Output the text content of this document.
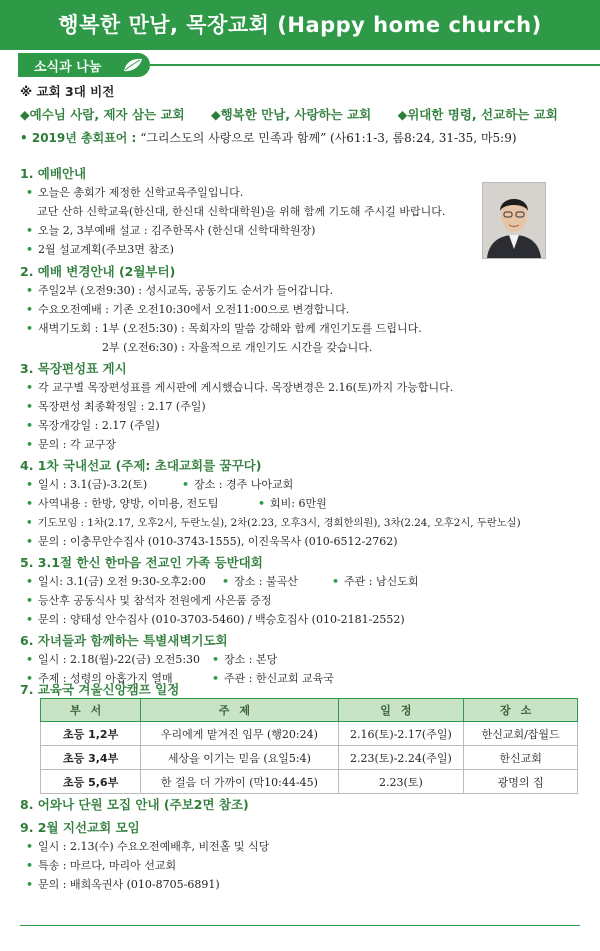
행복한 만남, 목장교회 (Happy home church)
소식과 나눔
※ 교회 3대 비전
◆예수님 사람, 제자 삼는 교회 ◆행복한 만남, 사랑하는 교회 ◆위대한 명령, 선교하는 교회
• 2019년 총회표어 : “그리스도의 사랑으로 민족과 함께” (사61:1-3, 롬8:24, 31-35, 마5:9)
1. 예배안내
• 오늘은 총회가 제정한 신학교육주일입니다.
교단 산하 신학교육(한신대, 한신대 신학대학원)을 위해 함께 기도해 주시길 바랍니다.
• 오늘 2, 3부예배 설교 : 김주한목사 (한신대 신학대학원장)
• 2월 설교계획(주보3면 참조)
2. 예배 변경안내 (2월부터)
• 주일2부 (오전9:30) : 성시교독, 공동기도 순서가 들어갑니다.
• 수요오전예배 : 기존 오전10:30에서 오전11:00으로 변경합니다.
• 새벽기도회 : 1부 (오전5:30) : 목회자의 말씀 강해와 함께 개인기도를 드립니다.
2부 (오전6:30) : 자율적으로 개인기도 시간을 갖습니다.
3. 목장편성표 게시
• 각 교구별 목장편성표를 게시판에 게시했습니다. 목장변경은 2.16(토)까지 가능합니다.
• 목장편성 최종확정일 : 2.17 (주일)
• 목장개강일 : 2.17 (주일)
• 문의 : 각 교구장
4. 1차 국내선교 (주제: 초대교회를 꿈꾸다)
• 일시 : 3.1(금)-3.2(토)	• 장소 : 경주 나아교회
• 사역내용 : 한방, 양방, 이미용, 전도팀	• 회비: 6만원
• 기도모임 : 1차(2.17, 오후2시, 두란노실), 2차(2.23, 오후3시, 경희한의원), 3차(2.24, 오후2시, 두란노실)
• 문의 : 이충무안수집사 (010-3743-1555), 이진욱목사 (010-6512-2762)
5. 3.1절 한신 한마음 전교인 가족 등반대회
• 일시: 3.1(금) 오전 9:30-오후2:00 • 장소 : 불곡산	• 주관 : 남신도회
• 등산후 공동식사 및 참석자 전원에게 사은품 증정
• 문의 : 양태성 안수집사 (010-3703-5460) / 백승호집사 (010-2181-2552)
6. 자녀들과 함께하는 특별새벽기도회
• 일시 : 2.18(월)-22(금) 오전5:30 • 장소 : 본당
• 주제 : 성령의 아홉가지 열매	• 주관 : 한신교회 교육국
7. 교육국 겨울신앙캠프 일정
부서	주제	일정	장소
초등 1,2부	우리에게 맡겨진 임무 (행20:24)	2.16(토)-2.17(주일)	한신교회/잡월드
초등 3,4부	세상을 이기는 믿음 (요일5:4)	2.23(토)-2.24(주일)	한신교회
초등 5,6부	한 걸음 더 가까이 (막10:44-45)	2.23(토)	광명의 집
8. 어와나 단원 모집 안내 (주보2면 참조)
9. 2월 지선교회 모임
• 일시 : 2.13(수) 수요오전예배후, 비전홀 및 식당
• 특송 : 마르다, 마리아 선교회
• 문의 : 배희옥권사 (010-8705-6891)
